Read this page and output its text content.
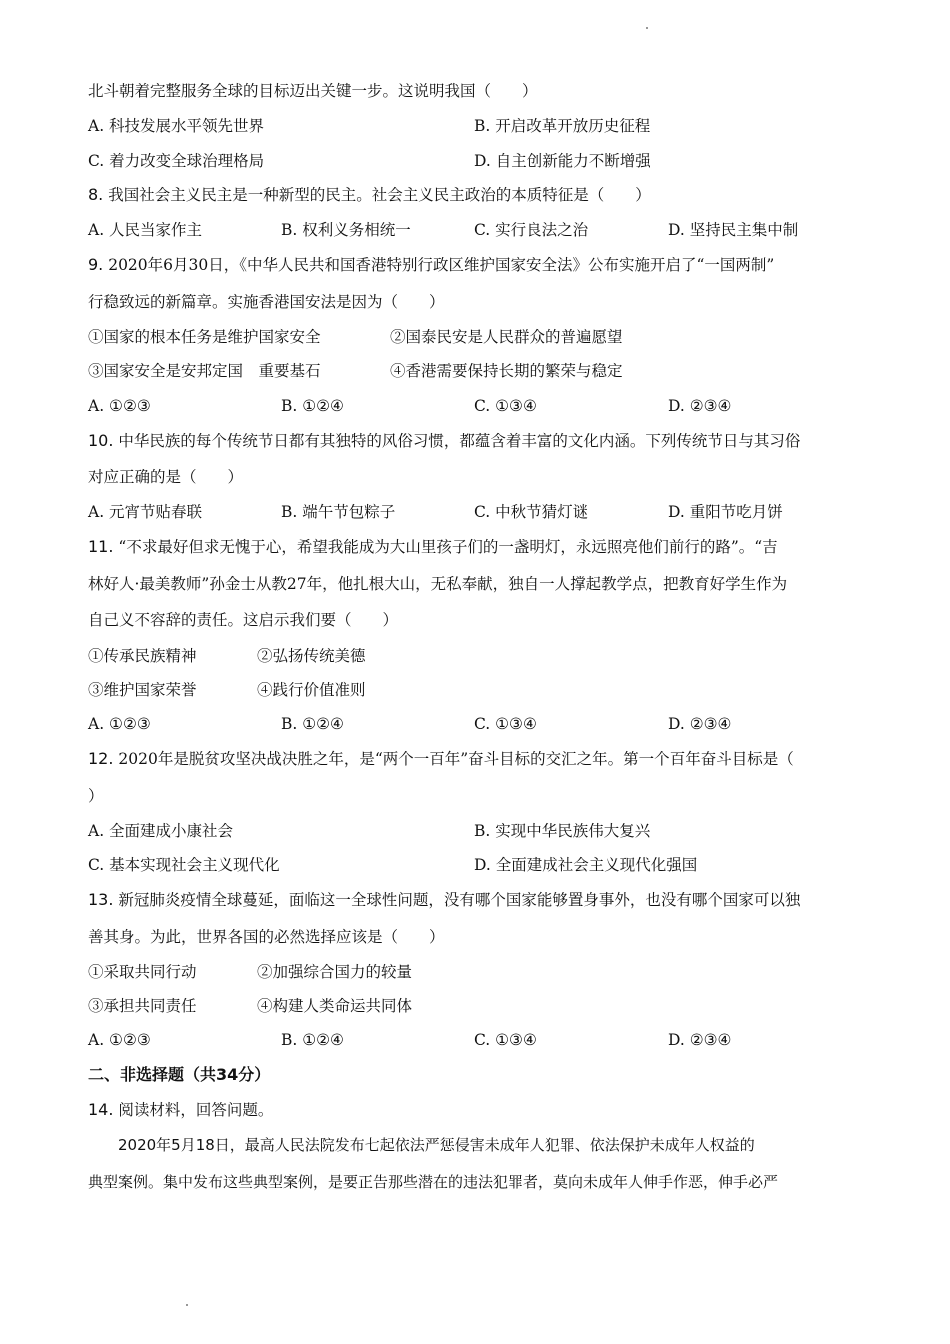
北斗朝着完整服务全球的目标迈出关键一步。这说明我国（　　）
A. 科技发展水平领先世界	B. 开启改革开放历史征程
C. 着力改变全球治理格局	D. 自主创新能力不断增强
8. 我国社会主义民主是一种新型的民主。社会主义民主政治的本质特征是（　　）
A. 人民当家作主	B. 权利义务相统一	C. 实行良法之治	D. 坚持民主集中制
9. 2020年6月30日，《中华人民共和国香港特别行政区维护国家安全法》公布实施开启了“一国两制”
行稳致远的新篇章。实施香港国安法是因为（　　）
①国家的根本任务是维护国家安全	②国泰民安是人民群众的普遍愿望
③国家安全是安邦定国　重要基石	④香港需要保持长期的繁荣与稳定
A. ①②③	B. ①②④	C. ①③④	D. ②③④
10. 中华民族的每个传统节日都有其独特的风俗习惯，都蕴含着丰富的文化内涵。下列传统节日与其习俗
对应正确的是（　　）
A. 元宵节贴春联	B. 端午节包粽子	C. 中秋节猜灯谜	D. 重阳节吃月饼
11. “不求最好但求无愧于心，希望我能成为大山里孩子们的一盏明灯，永远照亮他们前行的路”。“吉
林好人·最美教师”孙金士从教27年，他扎根大山，无私奉献，独自一人撑起教学点，把教育好学生作为
自己义不容辞的责任。这启示我们要（　　）
①传承民族精神	②弘扬传统美德
③维护国家荣誉	④践行价值准则
A. ①②③	B. ①②④	C. ①③④	D. ②③④
12. 2020年是脱贫攻坚决战决胜之年，是“两个一百年”奋斗目标的交汇之年。第一个百年奋斗目标是（
）
A. 全面建成小康社会	B. 实现中华民族伟大复兴
C. 基本实现社会主义现代化	D. 全面建成社会主义现代化强国
13. 新冠肺炎疫情全球蔓延，面临这一全球性问题，没有哪个国家能够置身事外，也没有哪个国家可以独
善其身。为此，世界各国的必然选择应该是（　　）
①采取共同行动	②加强综合国力的较量
③承担共同责任	④构建人类命运共同体
A. ①②③	B. ①②④	C. ①③④	D. ②③④
二、非选择题（共34分）
14. 阅读材料，回答问题。
2020年5月18日，最高人民法院发布七起依法严惩侵害未成年人犯罪、依法保护未成年人权益的
典型案例。集中发布这些典型案例，是要正告那些潜在的违法犯罪者，莫向未成年人伸手作恶，伸手必严
